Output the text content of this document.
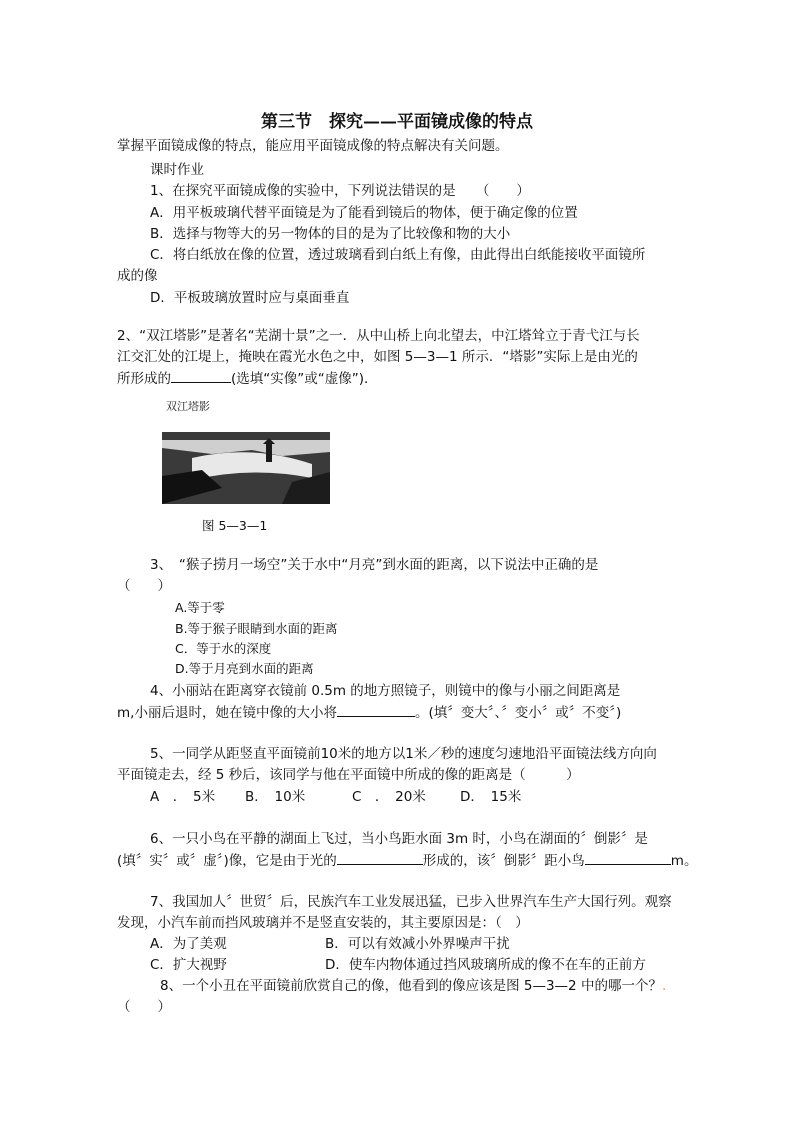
第三节　探究——平面镜成像的特点
掌握平面镜成像的特点，能应用平面镜成像的特点解决有关问题。
课时作业
1、在探究平面镜成像的实验中，下列说法错误的是　　（　　）
A．用平板玻璃代替平面镜是为了能看到镜后的物体，便于确定像的位置
B．选择与物等大的另一物体的目的是为了比较像和物的大小
C．将白纸放在像的位置，透过玻璃看到白纸上有像，由此得出白纸能接收平面镜所
成的像
D．平板玻璃放置时应与桌面垂直
2、“双江塔影”是著名“芜湖十景”之一．从中山桥上向北望去，中江塔耸立于青弋江与长
江交汇处的江堤上，掩映在霞光水色之中，如图 5—3—1 所示．“塔影”实际上是由光的
所形成的	(选填“实像”或“虚像”)．
双江塔影
图 5—3—1
3、　“猴子捞月一场空”关于水中“月亮”到水面的距离，以下说法中正确的是
（　　）
A.等于零
B.等于猴子眼睛到水面的距离
C．等于水的深度
D.等于月亮到水面的距离
4、小丽站在距离穿衣镜前 0.5m 的地方照镜子，则镜中的像与小丽之间距离是
m,小丽后退时，她在镜中像的大小将	。(填〞变大〞、〞变小〞或〞不变〞)
5、一同学从距竖直平面镜前10米的地方以1米／秒的速度匀速地沿平面镜法线方向向
平面镜走去，经 5 秒后，该同学与他在平面镜中所成的像的距离是（　　　）
A　．　5米 B．　10米	C　．　20米	D．　15米
6、一只小鸟在平静的湖面上飞过，当小鸟距水面 3m 时，小鸟在湖面的〞倒影〞是
(填〞实〞或〞虚〞)像，它是由于光的	形成的，该〞倒影〞距小鸟	m。
7、我国加人〞世贸〞后，民族汽车工业发展迅猛，已步入世界汽车生产大国行列。观察
发现，小汽车前而挡风玻璃并不是竖直安装的，其主要原因是：（　）
A．为了美观	B．可以有效减小外界噪声干扰
C．扩大视野	D．使车内物体通过挡风玻璃所成的像不在车的正前方
8、一个小丑在平面镜前欣赏自己的像，他看到的像应该是图 5—3—2 中的哪一个？.
（　　）
